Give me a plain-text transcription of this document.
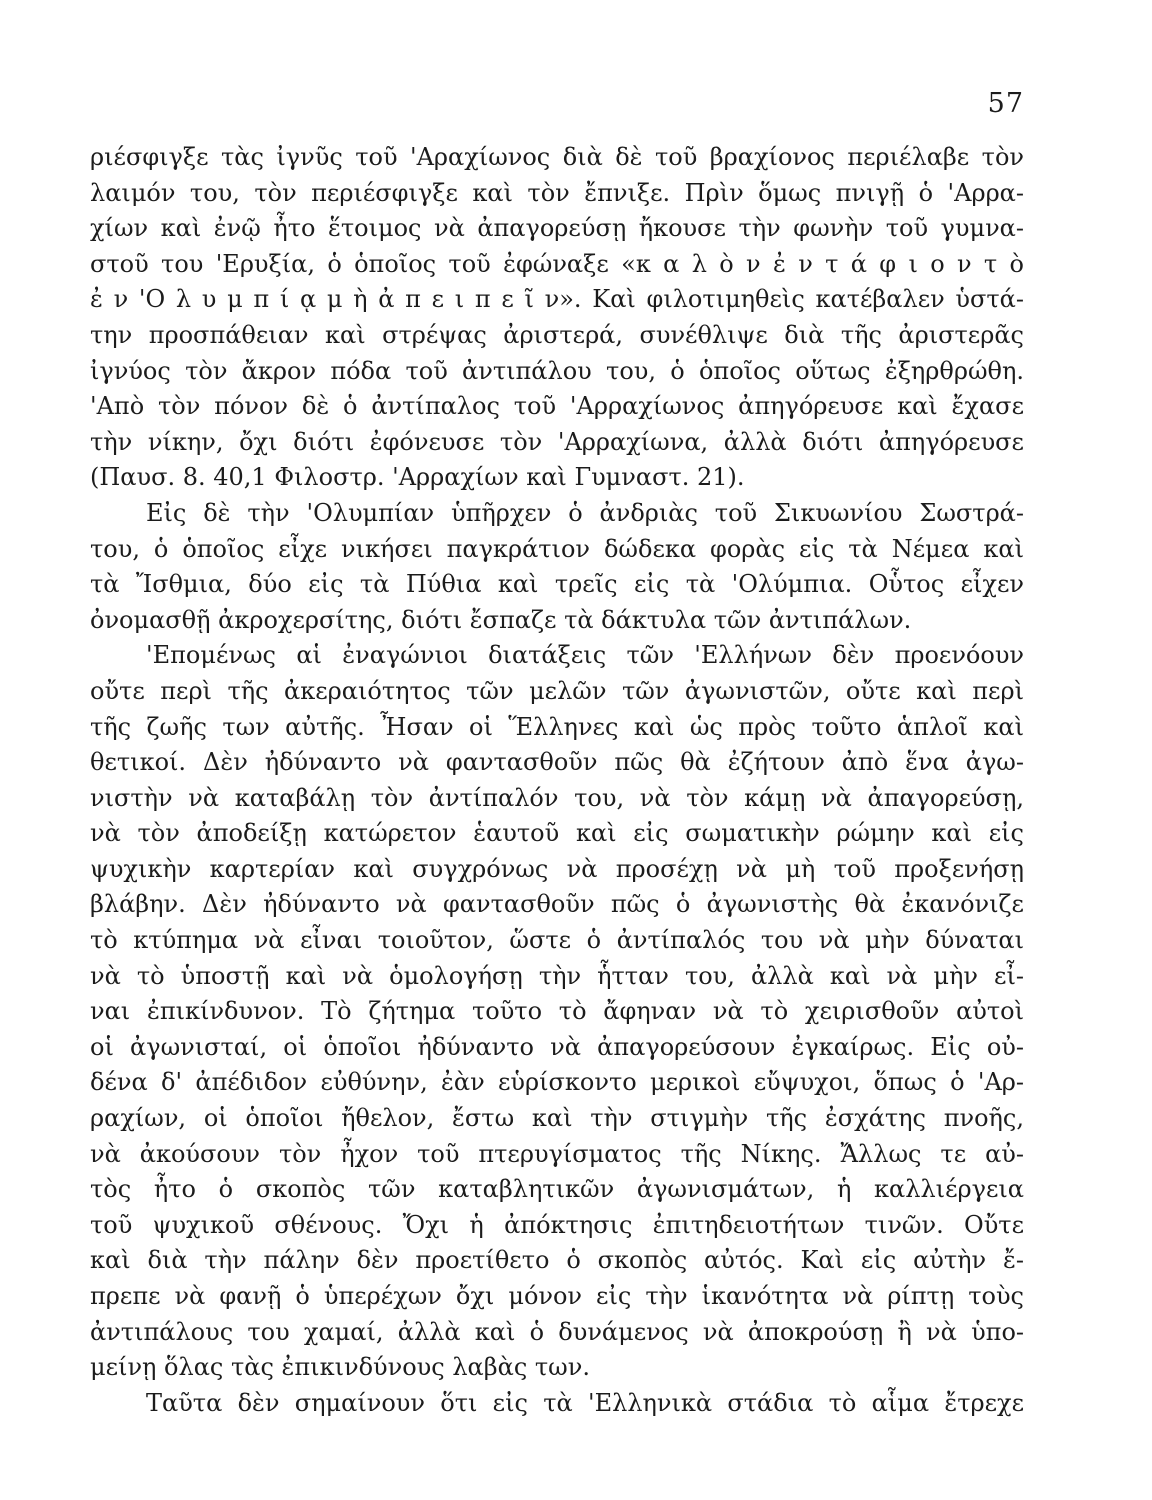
57
ριέσφιγξε τὰς ἰγνῦς τοῦ 'Αραχίωνος διὰ δὲ τοῦ βραχίονος περιέλαβε τὸν
λαιμόν του, τὸν περιέσφιγξε καὶ τὸν ἔπνιξε. Πρὶν ὅμως πνιγῇ ὁ 'Αρρα-
χίων καὶ ἐνῷ ἦτο ἕτοιμος νὰ ἀπαγορεύσῃ ἤκουσε τὴν φωνὴν τοῦ γυμνα-
στοῦ του 'Ερυξία, ὁ ὁποῖος τοῦ ἐφώναξε «κ α λ ὸ ν ἐ ν τ ά φ ι ο ν τ ὸ
ἐ ν 'Ο λ υ μ π ί ᾳ μ ὴ ἀ π ε ι π ε ῖ ν». Καὶ φιλοτιμηθεὶς κατέβαλεν ὑστά-
την προσπάθειαν καὶ στρέψας ἀριστερά, συνέθλιψε διὰ τῆς ἀριστερᾶς
ἰγνύος τὸν ἄκρον πόδα τοῦ ἀντιπάλου του, ὁ ὁποῖος οὕτως ἐξηρθρώθη.
'Απὸ τὸν πόνον δὲ ὁ ἀντίπαλος τοῦ 'Αρραχίωνος ἀπηγόρευσε καὶ ἔχασε
τὴν νίκην, ὄχι διότι ἐφόνευσε τὸν 'Αρραχίωνα, ἀλλὰ διότι ἀπηγόρευσε
(Παυσ. 8. 40,1 Φιλοστρ. 'Αρραχίων καὶ Γυμναστ. 21).
Εἰς δὲ τὴν 'Ολυμπίαν ὑπῆρχεν ὁ ἀνδριὰς τοῦ Σικυωνίου Σωστρά-
του, ὁ ὁποῖος εἶχε νικήσει παγκράτιον δώδεκα φορὰς εἰς τὰ Νέμεα καὶ
τὰ Ἴσθμια, δύο εἰς τὰ Πύθια καὶ τρεῖς εἰς τὰ 'Ολύμπια. Οὗτος εἶχεν
ὀνομασθῇ ἀκροχερσίτης, διότι ἔσπαζε τὰ δάκτυλα τῶν ἀντιπάλων.
'Επομένως αἱ ἐναγώνιοι διατάξεις τῶν 'Ελλήνων δὲν προενόουν
οὔτε περὶ τῆς ἀκεραιότητος τῶν μελῶν τῶν ἀγωνιστῶν, οὔτε καὶ περὶ
τῆς ζωῆς των αὐτῆς. Ἦσαν οἱ Ἕλληνες καὶ ὡς πρὸς τοῦτο ἁπλοῖ καὶ
θετικοί. Δὲν ἠδύναντο νὰ φαντασθοῦν πῶς θὰ ἐζήτουν ἀπὸ ἕνα ἀγω-
νιστὴν νὰ καταβάλῃ τὸν ἀντίπαλόν του, νὰ τὸν κάμῃ νὰ ἀπαγορεύσῃ,
νὰ τὸν ἀποδείξῃ κατώρετον ἑαυτοῦ καὶ εἰς σωματικὴν ρώμην καὶ εἰς
ψυχικὴν καρτερίαν καὶ συγχρόνως νὰ προσέχῃ νὰ μὴ τοῦ προξενήσῃ
βλάβην. Δὲν ἠδύναντο νὰ φαντασθοῦν πῶς ὁ ἀγωνιστὴς θὰ ἐκανόνιζε
τὸ κτύπημα νὰ εἶναι τοιοῦτον, ὥστε ὁ ἀντίπαλός του νὰ μὴν δύναται
νὰ τὸ ὑποστῇ καὶ νὰ ὁμολογήσῃ τὴν ἧτταν του, ἀλλὰ καὶ νὰ μὴν εἶ-
ναι ἐπικίνδυνον. Τὸ ζήτημα τοῦτο τὸ ἄφηναν νὰ τὸ χειρισθοῦν αὐτοὶ
οἱ ἀγωνισταί, οἱ ὁποῖοι ἠδύναντο νὰ ἀπαγορεύσουν ἐγκαίρως. Εἰς οὐ-
δένα δ' ἀπέδιδον εὐθύνην, ἐὰν εὑρίσκοντο μερικοὶ εὔψυχοι, ὅπως ὁ 'Αρ-
ραχίων, οἱ ὁποῖοι ἤθελον, ἔστω καὶ τὴν στιγμὴν τῆς ἐσχάτης πνοῆς,
νὰ ἀκούσουν τὸν ἦχον τοῦ πτερυγίσματος τῆς Νίκης. Ἄλλως τε αὐ-
τὸς ἦτο ὁ σκοπὸς τῶν καταβλητικῶν ἀγωνισμάτων, ἡ καλλιέργεια
τοῦ ψυχικοῦ σθένους. Ὄχι ἡ ἀπόκτησις ἐπιτηδειοτήτων τινῶν. Οὔτε
καὶ διὰ τὴν πάλην δὲν προετίθετο ὁ σκοπὸς αὐτός. Καὶ εἰς αὐτὴν ἔ-
πρεπε νὰ φανῇ ὁ ὑπερέχων ὄχι μόνον εἰς τὴν ἱκανότητα νὰ ρίπτῃ τοὺς
ἀντιπάλους του χαμαί, ἀλλὰ καὶ ὁ δυνάμενος νὰ ἀποκρούσῃ ἢ νὰ ὑπο-
μείνῃ ὅλας τὰς ἐπικινδύνους λαβὰς των.
Ταῦτα δὲν σημαίνουν ὅτι εἰς τὰ 'Ελληνικὰ στάδια τὸ αἷμα ἔτρεχε
